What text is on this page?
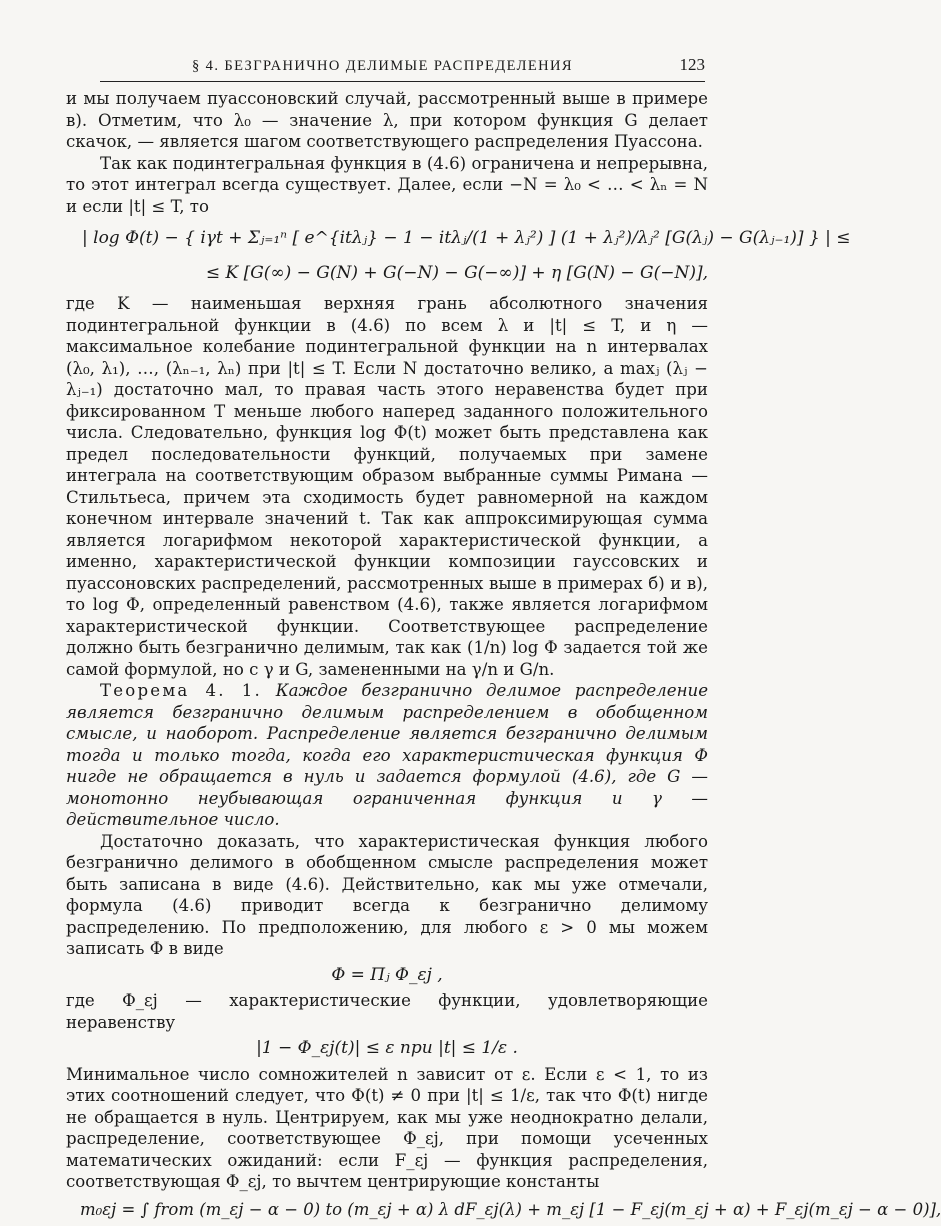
§ 4. БЕЗГРАНИЧНО ДЕЛИМЫЕ РАСПРЕДЕЛЕНИЯ	123

и мы получаем пуассоновский случай, рассмотренный выше в примере в). Отметим, что λ₀ — значение λ, при котором функция G делает скачок, — является шагом соответствующего распределения Пуассона.

Так как подинтегральная функция в (4.6) ограничена и непрерывна, то этот интеграл всегда существует. Далее, если −N = λ₀ < … < λₙ = N и если |t| ≤ T, то

| log Φ(t) − { iγt + Σⱼ₌₁ⁿ [ e^{itλⱼ} − 1 − itλⱼ/(1 + λⱼ²) ] (1 + λⱼ²)/λⱼ² [G(λⱼ) − G(λⱼ₋₁)] } | ≤
≤ K [G(∞) − G(N) + G(−N) − G(−∞)] + η [G(N) − G(−N)],

где K — наименьшая верхняя грань абсолютного значения подинтегральной функции в (4.6) по всем λ и |t| ≤ T, и η — максимальное колебание подинтегральной функции на n интервалах (λ₀, λ₁), …, (λₙ₋₁, λₙ) при |t| ≤ T. Если N достаточно велико, а maxⱼ (λⱼ − λⱼ₋₁) достаточно мал, то правая часть этого неравенства будет при фиксированном T меньше любого наперед заданного положительного числа. Следовательно, функция log Φ(t) может быть представлена как предел последовательности функций, получаемых при замене интеграла на соответствующим образом выбранные суммы Римана — Стильтьеса, причем эта сходимость будет равномерной на каждом конечном интервале значений t. Так как аппроксимирующая сумма является логарифмом некоторой характеристической функции, а именно, характеристической функции композиции гауссовских и пуассоновских распределений, рассмотренных выше в примерах б) и в), то log Φ, определенный равенством (4.6), также является логарифмом характеристической функции. Соответствующее распределение должно быть безгранично делимым, так как (1/n) log Φ задается той же самой формулой, но с γ и G, замененными на γ/n и G/n.

Теорема 4. 1. Каждое безгранично делимое распределение является безгранично делимым распределением в обобщенном смысле, и наоборот. Распределение является безгранично делимым тогда и только тогда, когда его характеристическая функция Φ нигде не обращается в нуль и задается формулой (4.6), где G — монотонно неубывающая ограниченная функция и γ — действительное число.

Достаточно доказать, что характеристическая функция любого безгранично делимого в обобщенном смысле распределения может быть записана в виде (4.6). Действительно, как мы уже отмечали, формула (4.6) приводит всегда к безгранично делимому распределению. По предположению, для любого ε > 0 мы можем записать Φ в виде

Φ = Πⱼ Φ_εj ,

где Φ_εj — характеристические функции, удовлетворяющие неравенству

|1 − Φ_εj(t)| ≤ ε при |t| ≤ 1/ε .

Минимальное число сомножителей n зависит от ε. Если ε < 1, то из этих соотношений следует, что Φ(t) ≠ 0 при |t| ≤ 1/ε, так что Φ(t) нигде не обращается в нуль. Центрируем, как мы уже неоднократно делали, распределение, соответствующее Φ_εj, при помощи усеченных математических ожиданий: если F_εj — функция распределения, соответствующая Φ_εj, то вычтем центрирующие константы

m₀εj = ∫ from (m_εj − α − 0) to (m_εj + α) λ dF_εj(λ) + m_εj [1 − F_εj(m_εj + α) + F_εj(m_εj − α − 0)],
